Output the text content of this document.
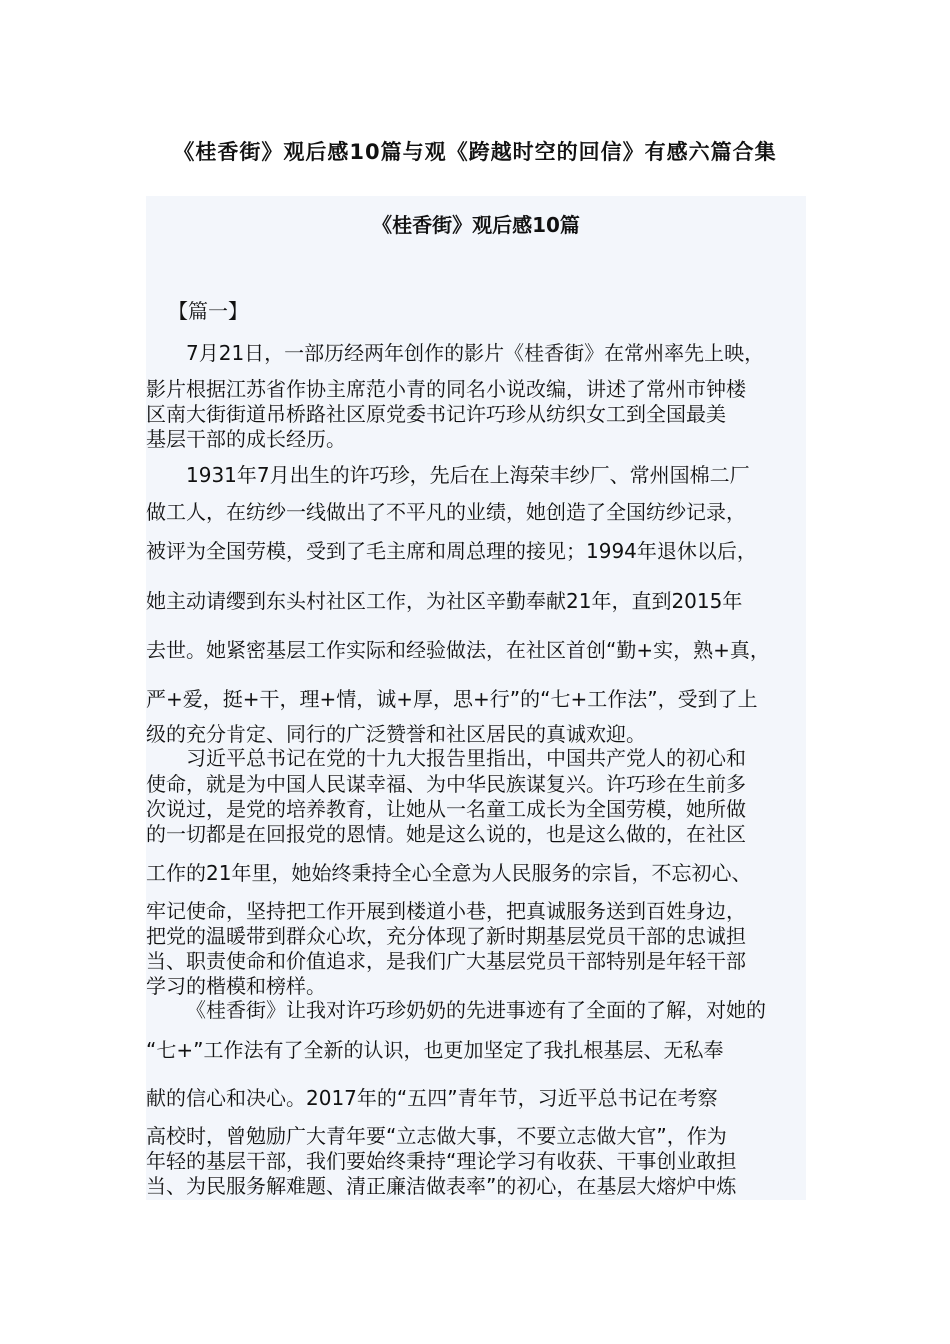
《桂香街》观后感10篇与观《跨越时空的回信》有感六篇合集
《桂香街》观后感10篇

【篇一】

7月21日，一部历经两年创作的影片《桂香街》在常州率先上映，

影片根据江苏省作协主席范小青的同名小说改编，讲述了常州市钟楼

区南大街街道吊桥路社区原党委书记许巧珍从纺织女工到全国最美

基层干部的成长经历。

1931年7月出生的许巧珍，先后在上海荣丰纱厂、常州国棉二厂

做工人，在纺纱一线做出了不平凡的业绩，她创造了全国纺纱记录，

被评为全国劳模，受到了毛主席和周总理的接见；1994年退休以后，

她主动请缨到东头村社区工作，为社区辛勤奉献21年，直到2015年

去世。她紧密基层工作实际和经验做法，在社区首创“勤+实，熟+真，

严+爱，挺+干，理+情，诚+厚，思+行”的“七+工作法”，受到了上

级的充分肯定、同行的广泛赞誉和社区居民的真诚欢迎。

习近平总书记在党的十九大报告里指出，中国共产党人的初心和

使命，就是为中国人民谋幸福、为中华民族谋复兴。许巧珍在生前多

次说过，是党的培养教育，让她从一名童工成长为全国劳模，她所做

的一切都是在回报党的恩情。她是这么说的，也是这么做的，在社区

工作的21年里，她始终秉持全心全意为人民服务的宗旨，不忘初心、

牢记使命，坚持把工作开展到楼道小巷，把真诚服务送到百姓身边，

把党的温暖带到群众心坎，充分体现了新时期基层党员干部的忠诚担

当、职责使命和价值追求，是我们广大基层党员干部特别是年轻干部

学习的楷模和榜样。

《桂香街》让我对许巧珍奶奶的先进事迹有了全面的了解，对她的

“七+”工作法有了全新的认识，也更加坚定了我扎根基层、无私奉

献的信心和决心。2017年的“五四”青年节，习近平总书记在考察

高校时，曾勉励广大青年要“立志做大事，不要立志做大官”，作为

年轻的基层干部，我们要始终秉持“理论学习有收获、干事创业敢担

当、为民服务解难题、清正廉洁做表率”的初心，在基层大熔炉中炼
